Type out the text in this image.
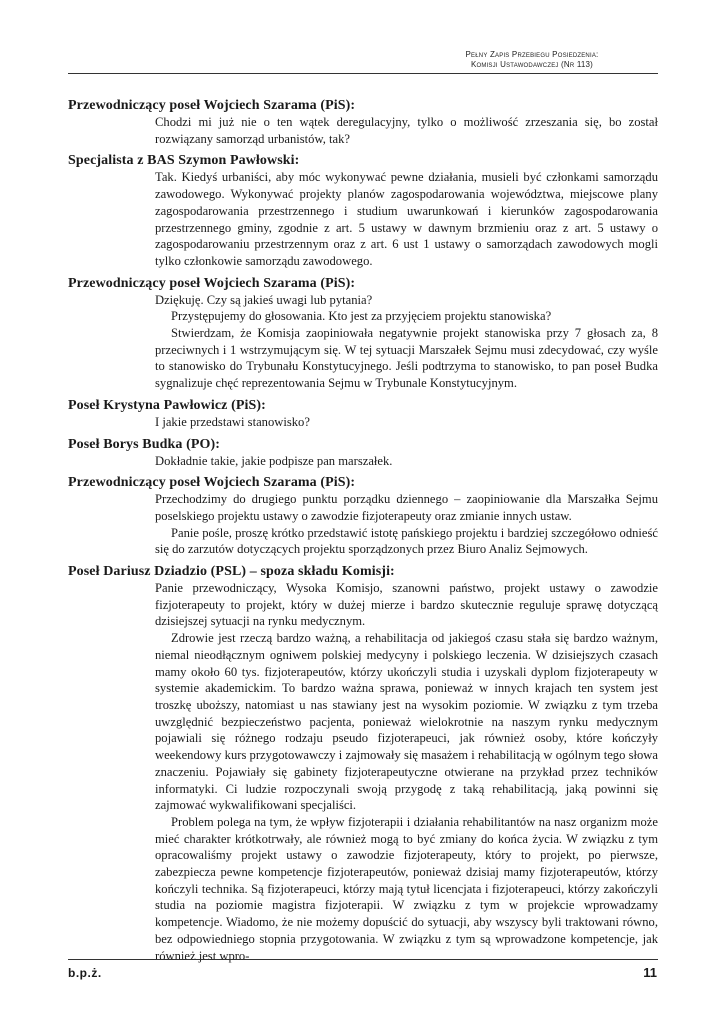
Pełny Zapis Przebiegu Posiedzenia:
Komisji Ustawodawczej (Nr 113)
Przewodniczący poseł Wojciech Szarama (PiS):

Chodzi mi już nie o ten wątek deregulacyjny, tylko o możliwość zrzeszania się, bo został rozwiązany samorząd urbanistów, tak?

Specjalista z BAS Szymon Pawłowski:

Tak. Kiedyś urbaniści, aby móc wykonywać pewne działania, musieli być członkami samorządu zawodowego. Wykonywać projekty planów zagospodarowania województwa, miejscowe plany zagospodarowania przestrzennego i studium uwarunkowań i kierunków zagospodarowania przestrzennego gminy, zgodnie z art. 5 ustawy w dawnym brzmieniu oraz z art. 5 ustawy o zagospodarowaniu przestrzennym oraz z art. 6 ust 1 ustawy o samorządach zawodowych mogli tylko członkowie samorządu zawodowego.

Przewodniczący poseł Wojciech Szarama (PiS):

Dziękuję. Czy są jakieś uwagi lub pytania?

Przystępujemy do głosowania. Kto jest za przyjęciem projektu stanowiska?

Stwierdzam, że Komisja zaopiniowała negatywnie projekt stanowiska przy 7 głosach za, 8 przeciwnych i 1 wstrzymującym się. W tej sytuacji Marszałek Sejmu musi zdecydować, czy wyśle to stanowisko do Trybunału Konstytucyjnego. Jeśli podtrzyma to stanowisko, to pan poseł Budka sygnalizuje chęć reprezentowania Sejmu w Trybunale Konstytucyjnym.

Poseł Krystyna Pawłowicz (PiS):

I jakie przedstawi stanowisko?

Poseł Borys Budka (PO):

Dokładnie takie, jakie podpisze pan marszałek.

Przewodniczący poseł Wojciech Szarama (PiS):

Przechodzimy do drugiego punktu porządku dziennego – zaopiniowanie dla Marszałka Sejmu poselskiego projektu ustawy o zawodzie fizjoterapeuty oraz zmianie innych ustaw.

Panie pośle, proszę krótko przedstawić istotę pańskiego projektu i bardziej szczegółowo odnieść się do zarzutów dotyczących projektu sporządzonych przez Biuro Analiz Sejmowych.

Poseł Dariusz Dziadzio (PSL) – spoza składu Komisji:

Panie przewodniczący, Wysoka Komisjo, szanowni państwo, projekt ustawy o zawodzie fizjoterapeuty to projekt, który w dużej mierze i bardzo skutecznie reguluje sprawę dotyczącą dzisiejszej sytuacji na rynku medycznym.

Zdrowie jest rzeczą bardzo ważną, a rehabilitacja od jakiegoś czasu stała się bardzo ważnym, niemal nieodłącznym ogniwem polskiej medycyny i polskiego leczenia. W dzisiejszych czasach mamy około 60 tys. fizjoterapeutów, którzy ukończyli studia i uzyskali dyplom fizjoterapeuty w systemie akademickim. To bardzo ważna sprawa, ponieważ w innych krajach ten system jest troszkę uboższy, natomiast u nas stawiany jest na wysokim poziomie. W związku z tym trzeba uwzględnić bezpieczeństwo pacjenta, ponieważ wielokrotnie na naszym rynku medycznym pojawiali się różnego rodzaju pseudo fizjoterapeuci, jak również osoby, które kończyły weekendowy kurs przygotowawczy i zajmowały się masażem i rehabilitacją w ogólnym tego słowa znaczeniu. Pojawiały się gabinety fizjoterapeutyczne otwierane na przykład przez techników informatyki. Ci ludzie rozpoczynali swoją przygodę z taką rehabilitacją, jaką powinni się zajmować wykwalifikowani specjaliści.

Problem polega na tym, że wpływ fizjoterapii i działania rehabilitantów na nasz organizm może mieć charakter krótkotrwały, ale również mogą to być zmiany do końca życia. W związku z tym opracowaliśmy projekt ustawy o zawodzie fizjoterapeuty, który to projekt, po pierwsze, zabezpiecza pewne kompetencje fizjoterapeutów, ponieważ dzisiaj mamy fizjoterapeutów, którzy kończyli technika. Są fizjoterapeuci, którzy mają tytuł licencjata i fizjoterapeuci, którzy zakończyli studia na poziomie magistra fizjoterapii. W związku z tym w projekcie wprowadzamy kompetencje. Wiadomo, że nie możemy dopuścić do sytuacji, aby wszyscy byli traktowani równo, bez odpowiedniego stopnia przygotowania. W związku z tym są wprowadzone kompetencje, jak również jest wpro-

b.p.ż.	11
